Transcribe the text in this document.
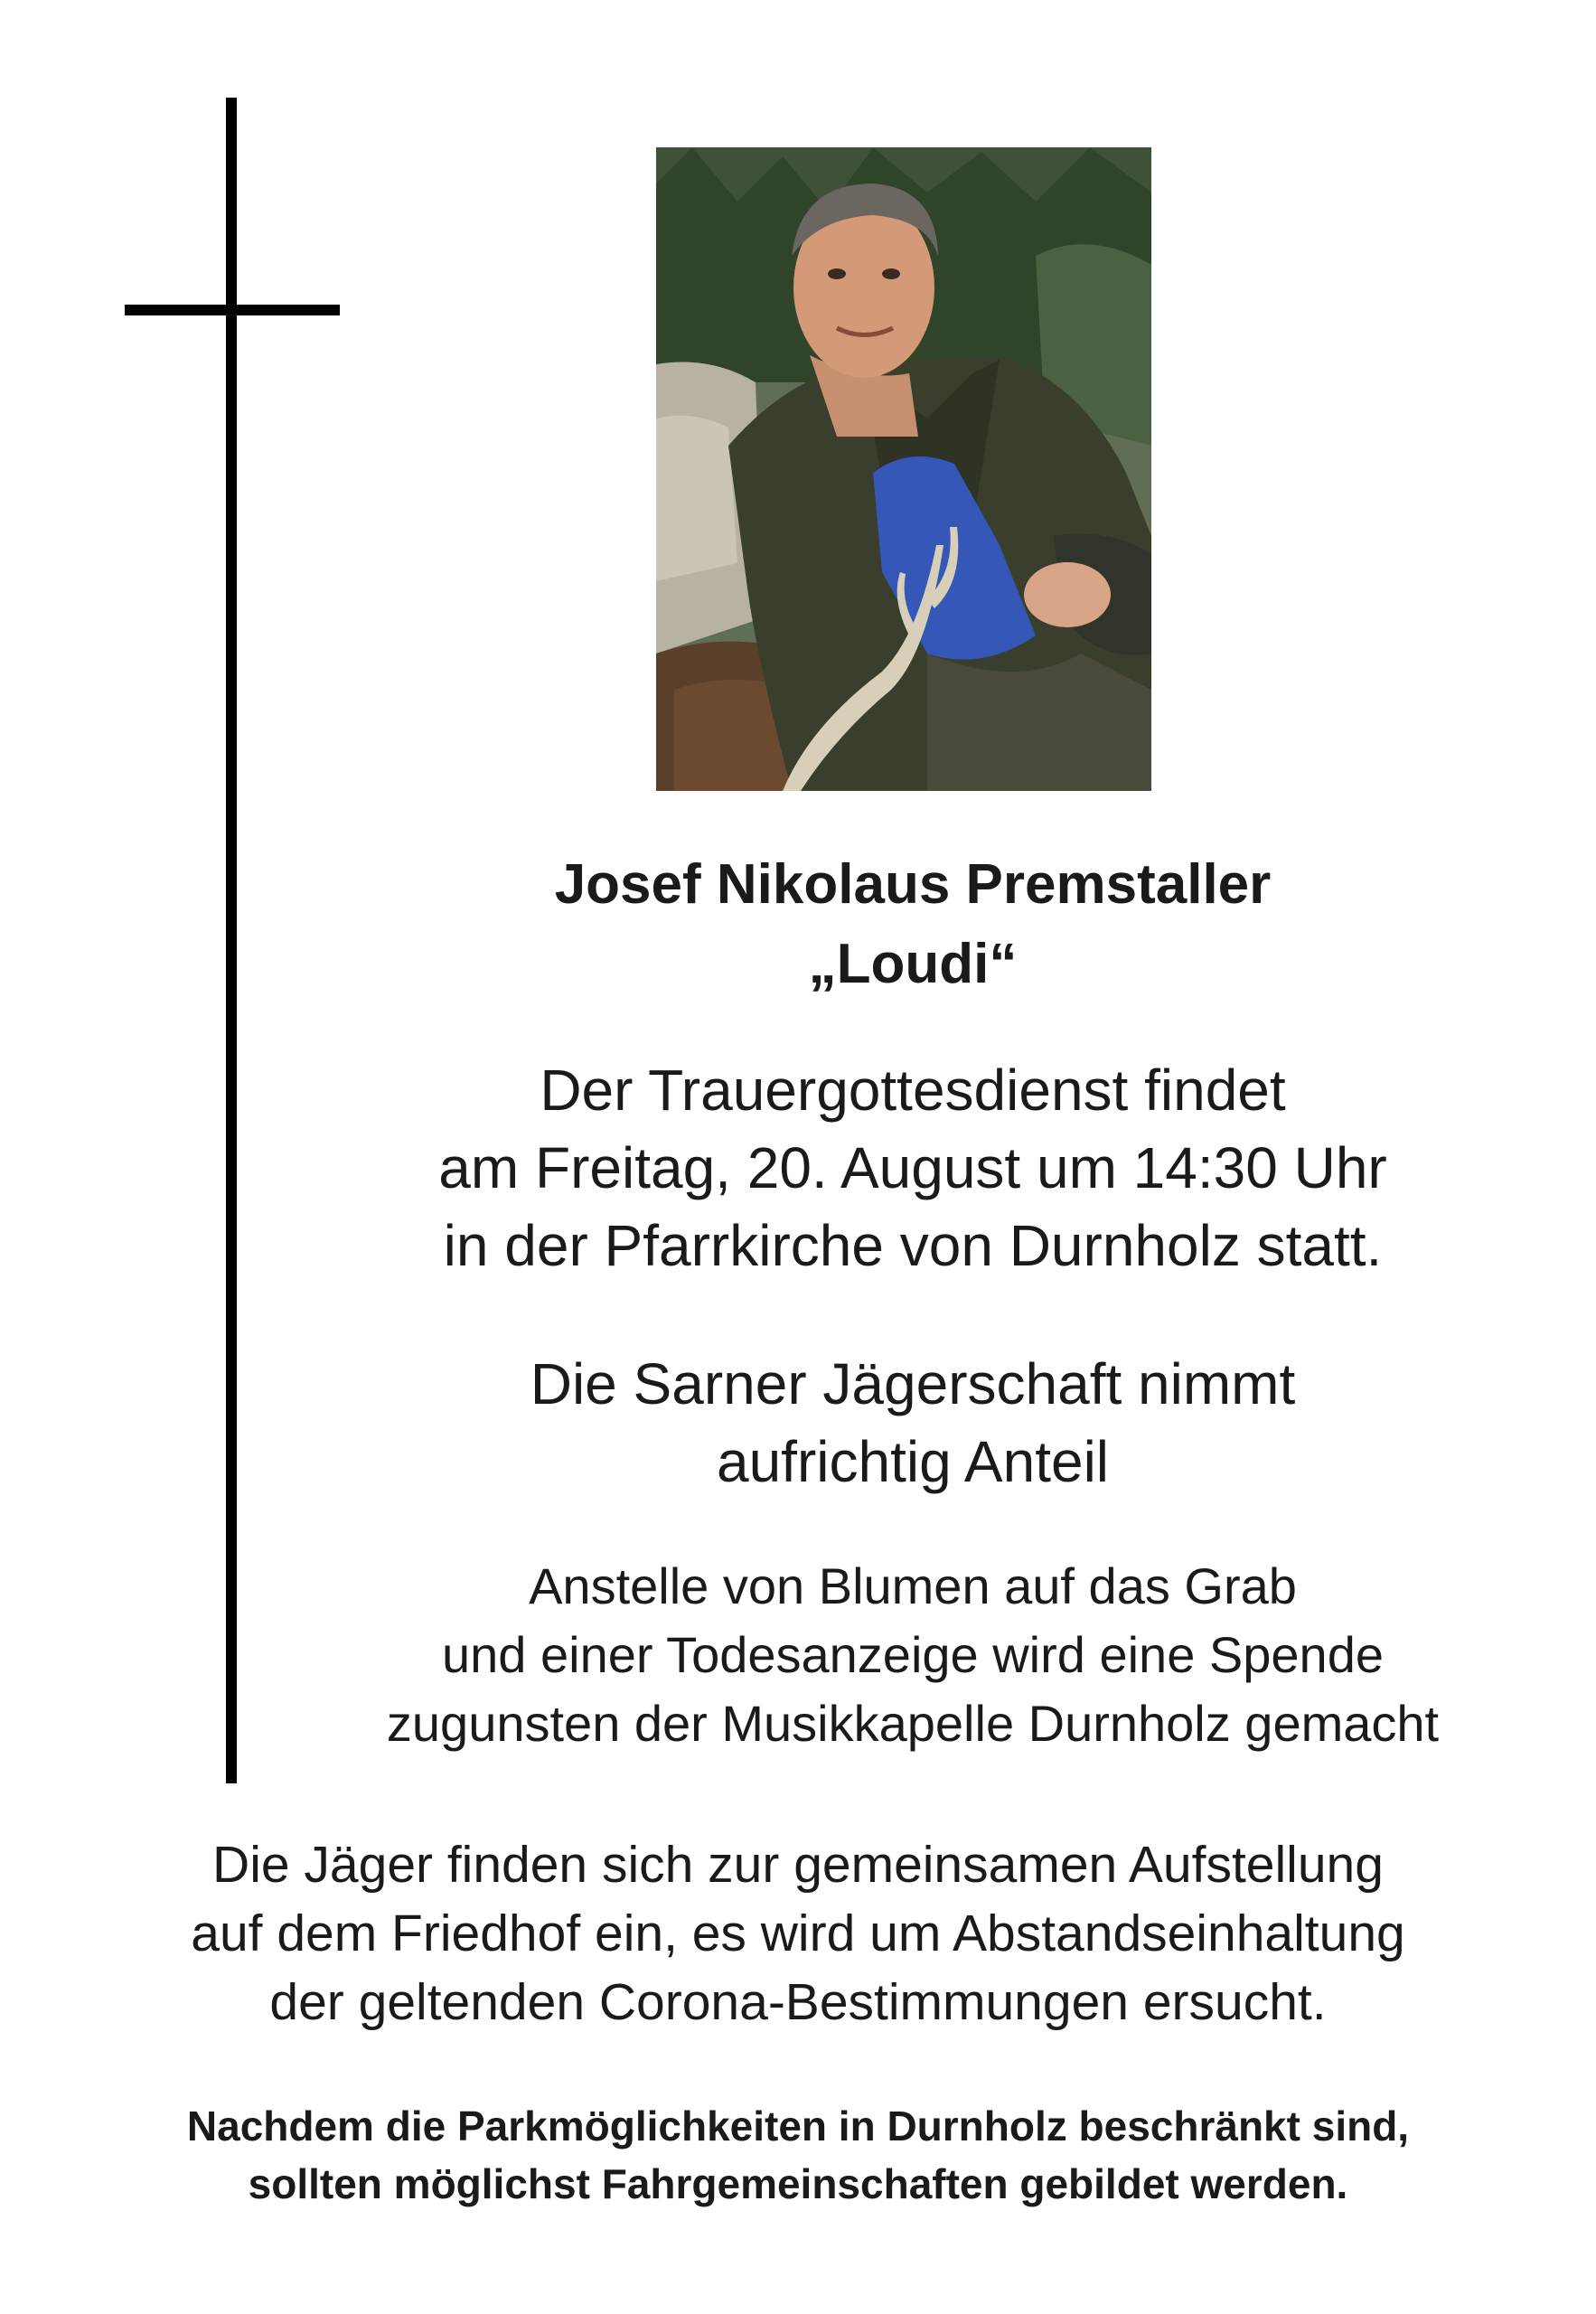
Josef Nikolaus Premstaller
„Loudi“
Der Trauergottesdienst findet
am Freitag, 20. August um 14:30 Uhr
in der Pfarrkirche von Durnholz statt.
Die Sarner Jägerschaft nimmt
aufrichtig Anteil
Anstelle von Blumen auf das Grab
und einer Todesanzeige wird eine Spende
zugunsten der Musikkapelle Durnholz gemacht
Die Jäger finden sich zur gemeinsamen Aufstellung
auf dem Friedhof ein, es wird um Abstandseinhaltung
der geltenden Corona-Bestimmungen ersucht.
Nachdem die Parkmöglichkeiten in Durnholz beschränkt sind,
sollten möglichst Fahrgemeinschaften gebildet werden.
